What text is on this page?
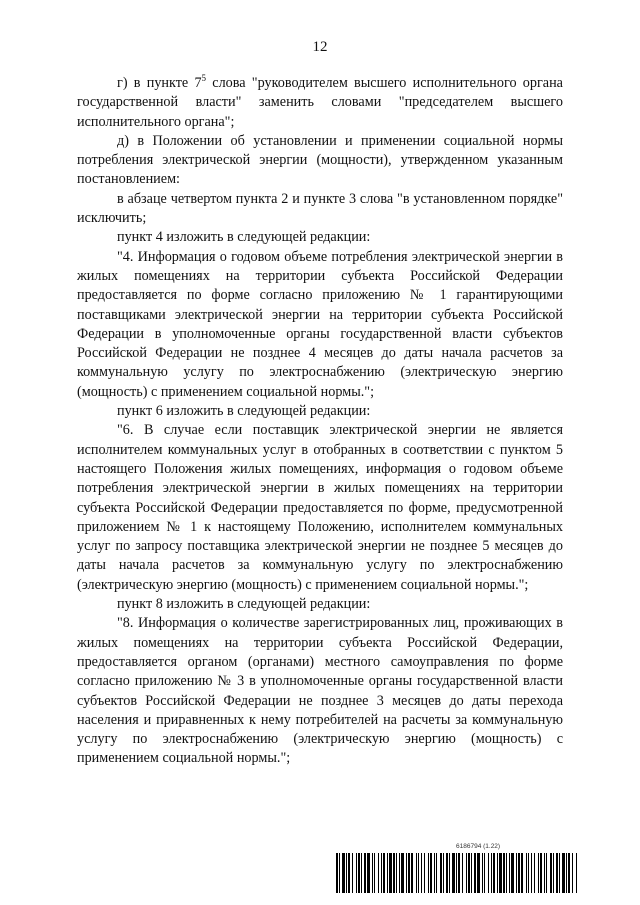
12

г) в пункте $7^5$ слова "руководителем высшего исполнительного органа государственной власти" заменить словами "председателем высшего исполнительного органа";

д) в Положении об установлении и применении социальной нормы потребления электрической энергии (мощности), утвержденном указанным постановлением:

в абзаце четвертом пункта 2 и пункте 3 слова "в установленном порядке" исключить;

пункт 4 изложить в следующей редакции:

"4. Информация о годовом объеме потребления электрической энергии в жилых помещениях на территории субъекта Российской Федерации предоставляется по форме согласно приложению № 1 гарантирующими поставщиками электрической энергии на территории субъекта Российской Федерации в уполномоченные органы государственной власти субъектов Российской Федерации не позднее 4 месяцев до даты начала расчетов за коммунальную услугу по электроснабжению (электрическую энергию (мощность) с применением социальной нормы.";

пункт 6 изложить в следующей редакции:

"6. В случае если поставщик электрической энергии не является исполнителем коммунальных услуг в отобранных в соответствии с пунктом 5 настоящего Положения жилых помещениях, информация о годовом объеме потребления электрической энергии в жилых помещениях на территории субъекта Российской Федерации предоставляется по форме, предусмотренной приложением № 1 к настоящему Положению, исполнителем коммунальных услуг по запросу поставщика электрической энергии не позднее 5 месяцев до даты начала расчетов за коммунальную услугу по электроснабжению (электрическую энергию (мощность) с применением социальной нормы.";

пункт 8 изложить в следующей редакции:

"8. Информация о количестве зарегистрированных лиц, проживающих в жилых помещениях на территории субъекта Российской Федерации, предоставляется органом (органами) местного самоуправления по форме согласно приложению № 3 в уполномоченные органы государственной власти субъектов Российской Федерации не позднее 3 месяцев до даты перехода населения и приравненных к нему потребителей на расчеты за коммунальную услугу по электроснабжению (электрическую энергию (мощность) с применением социальной нормы.";

6186794 (1.22)
